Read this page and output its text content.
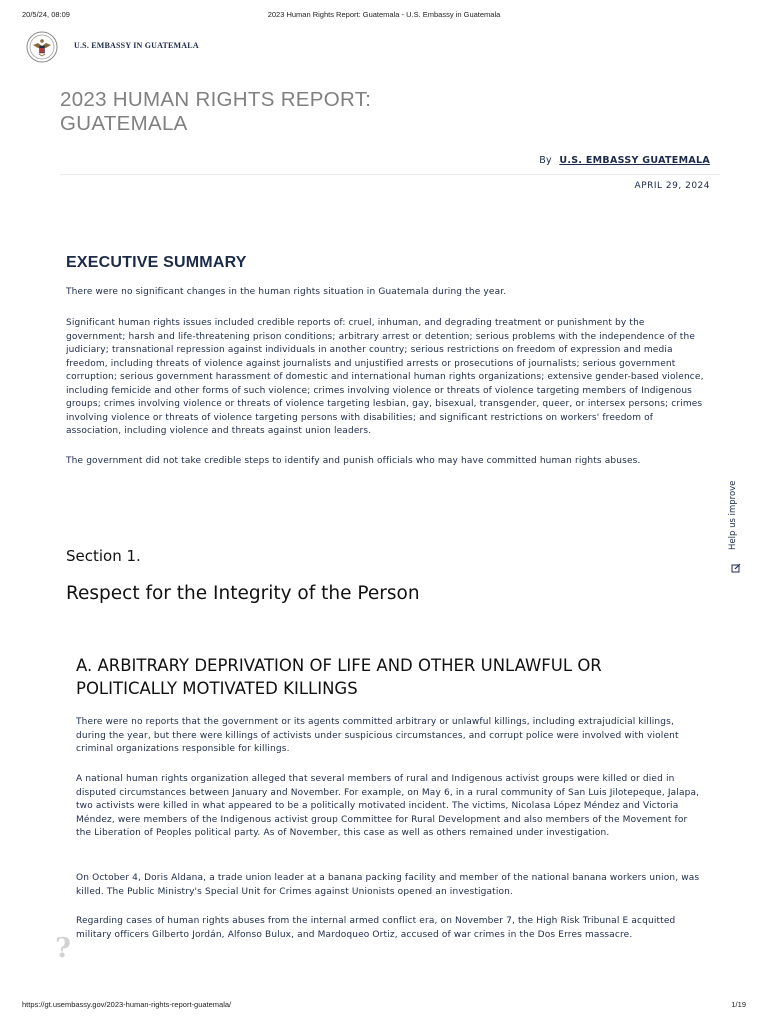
20/5/24, 08:09	2023 Human Rights Report: Guatemala - U.S. Embassy in Guatemala
U.S. EMBASSY IN GUATEMALA
2023 HUMAN RIGHTS REPORT: GUATEMALA
By U.S. EMBASSY GUATEMALA
APRIL 29, 2024
EXECUTIVE SUMMARY

There were no significant changes in the human rights situation in Guatemala during the year.

Significant human rights issues included credible reports of: cruel, inhuman, and degrading treatment or punishment by the government; harsh and life-threatening prison conditions; arbitrary arrest or detention; serious problems with the independence of the judiciary; transnational repression against individuals in another country; serious restrictions on freedom of expression and media freedom, including threats of violence against journalists and unjustified arrests or prosecutions of journalists; serious government corruption; serious government harassment of domestic and international human rights organizations; extensive gender-based violence, including femicide and other forms of such violence; crimes involving violence or threats of violence targeting members of Indigenous groups; crimes involving violence or threats of violence targeting lesbian, gay, bisexual, transgender, queer, or intersex persons; crimes involving violence or threats of violence targeting persons with disabilities; and significant restrictions on workers' freedom of association, including violence and threats against union leaders.

The government did not take credible steps to identify and punish officials who may have committed human rights abuses.

Section 1.
Respect for the Integrity of the Person
A. ARBITRARY DEPRIVATION OF LIFE AND OTHER UNLAWFUL OR POLITICALLY MOTIVATED KILLINGS

There were no reports that the government or its agents committed arbitrary or unlawful killings, including extrajudicial killings, during the year, but there were killings of activists under suspicious circumstances, and corrupt police were involved with violent criminal organizations responsible for killings.

A national human rights organization alleged that several members of rural and Indigenous activist groups were killed or died in disputed circumstances between January and November. For example, on May 6, in a rural community of San Luis Jilotepeque, Jalapa, two activists were killed in what appeared to be a politically motivated incident. The victims, Nicolasa López Méndez and Victoria Méndez, were members of the Indigenous activist group Committee for Rural Development and also members of the Movement for the Liberation of Peoples political party. As of November, this case as well as others remained under investigation.

On October 4, Doris Aldana, a trade union leader at a banana packing facility and member of the national banana workers union, was killed. The Public Ministry's Special Unit for Crimes against Unionists opened an investigation.

Regarding cases of human rights abuses from the internal armed conflict era, on November 7, the High Risk Tribunal E acquitted military officers Gilberto Jordán, Alfonso Bulux, and Mardoqueo Ortiz, accused of war crimes in the Dos Erres massacre.

Help us improve
?
https://gt.usembassy.gov/2023-human-rights-report-guatemala/	1/19
